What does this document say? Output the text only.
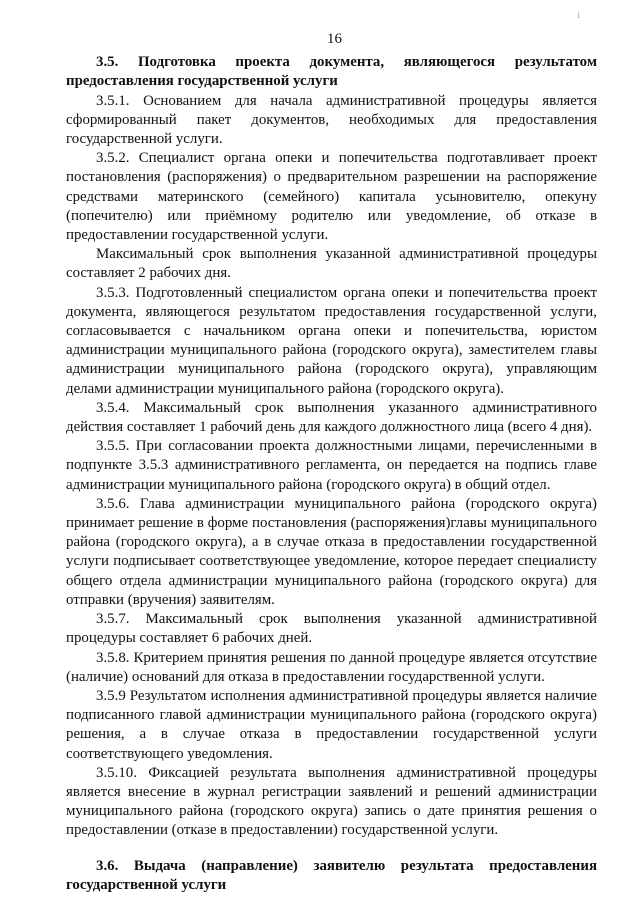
i
16

3.5. Подготовка проекта документа, являющегося результатом предоставления государственной услуги

3.5.1. Основанием для начала административной процедуры является сформированный пакет документов, необходимых для предоставления государственной услуги.

3.5.2. Специалист органа опеки и попечительства подготавливает проект постановления (распоряжения) о предварительном разрешении на распоряжение средствами материнского (семейного) капитала усыновителю, опекуну (попечителю) или приёмному родителю или уведомление, об отказе в предоставлении государственной услуги.

Максимальный срок выполнения указанной административной процедуры составляет 2 рабочих дня.

3.5.3. Подготовленный специалистом органа опеки и попечительства проект документа, являющегося результатом предоставления государственной услуги, согласовывается с начальником органа опеки и попечительства, юристом администрации муниципального района (городского округа), заместителем главы администрации муниципального района (городского округа), управляющим делами администрации муниципального района (городского округа).

3.5.4. Максимальный срок выполнения указанного административного действия составляет 1 рабочий день для каждого должностного лица (всего 4 дня).

3.5.5. При согласовании проекта должностными лицами, перечисленными в подпункте 3.5.3 административного регламента, он передается на подпись главе администрации муниципального района (городского округа) в общий отдел.

3.5.6. Глава администрации муниципального района (городского округа) принимает решение в форме постановления (распоряжения)главы муниципального района (городского округа), а в случае отказа в предоставлении государственной услуги подписывает соответствующее уведомление, которое передает специалисту общего отдела администрации муниципального района (городского округа) для отправки (вручения) заявителям.

3.5.7. Максимальный срок выполнения указанной административной процедуры составляет 6 рабочих дней.

3.5.8. Критерием принятия решения по данной процедуре является отсутствие (наличие) оснований для отказа в предоставлении государственной услуги.

3.5.9 Результатом исполнения административной процедуры является наличие подписанного главой администрации муниципального района (городского округа) решения, а в случае отказа в предоставлении государственной услуги соответствующего уведомления.

3.5.10. Фиксацией результата выполнения административной процедуры является внесение в журнал регистрации заявлений и решений администрации муниципального района (городского округа) запись о дате принятия решения о предоставлении (отказе в предоставлении) государственной услуги.

3.6. Выдача (направление) заявителю результата предоставления государственной услуги
